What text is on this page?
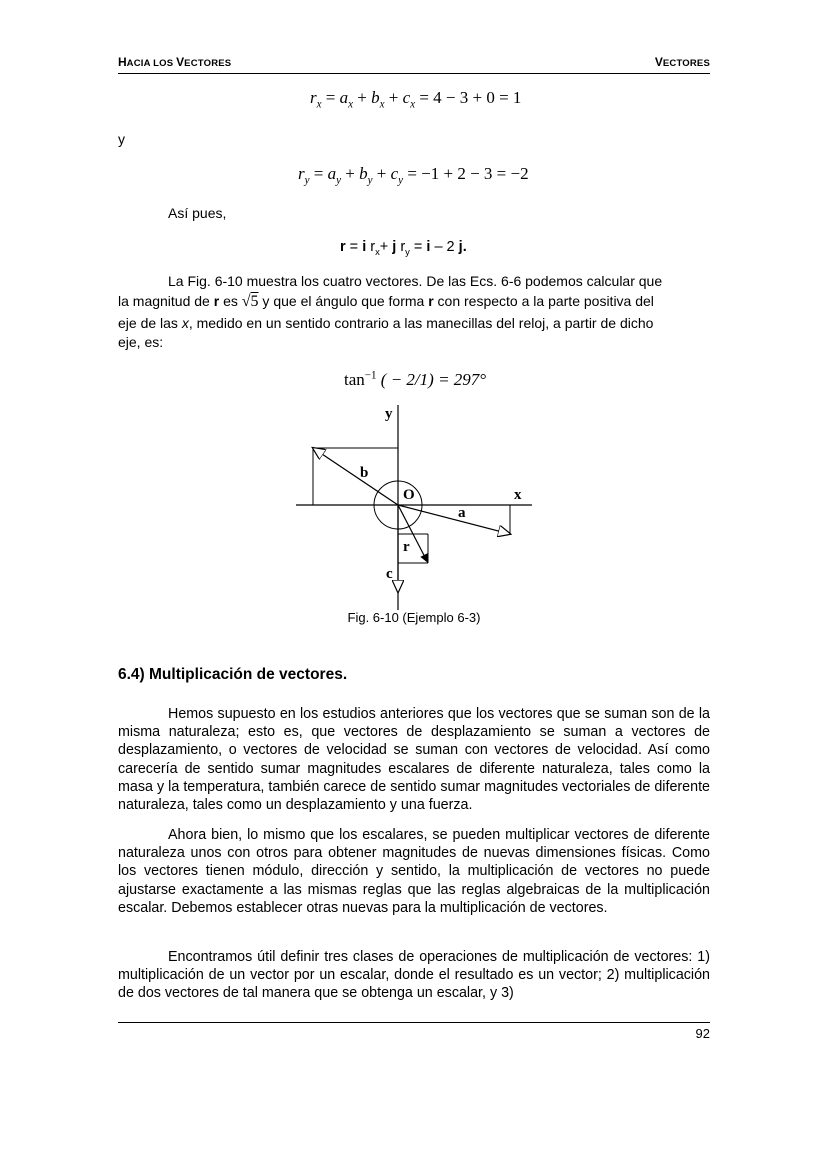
HACIA LOS VECTORES	VECTORES
$r_x = a_x + b_x + c_x = 4 - 3 + 0 = 1$
y
$r_y = a_y + b_y + c_y = -1 + 2 - 3 = -2$
Así pues,
r = i $r_x+ j$ $r_y = i - 2$ j.
La Fig. 6-10 muestra los cuatro vectores. De las Ecs. 6-6 podemos calcular que
la magnitud de r es √5 y que el ángulo que forma r con respecto a la parte positiva del
eje de las x, medido en un sentido contrario a las manecillas del reloj, a partir de dicho
eje, es:
$\tan^{-1}$ ( − 2/1) = 297°
y
x
O
a
b
c
r
Fig. 6-10 (Ejemplo 6-3)
6.4) Multiplicación de vectores.
Hemos supuesto en los estudios anteriores que los vectores que se suman son de la misma naturaleza; esto es, que vectores de desplazamiento se suman a vectores de desplazamiento, o vectores de velocidad se suman con vectores de velocidad. Así como carecería de sentido sumar magnitudes escalares de diferente naturaleza, tales como la masa y la temperatura, también carece de sentido sumar magnitudes vectoriales de diferente naturaleza, tales como un desplazamiento y una fuerza.
Ahora bien, lo mismo que los escalares, se pueden multiplicar vectores de diferente naturaleza unos con otros para obtener magnitudes de nuevas dimensiones físicas. Como los vectores tienen módulo, dirección y sentido, la multiplicación de vectores no puede ajustarse exactamente a las mismas reglas que las reglas algebraicas de la multiplicación escalar. Debemos establecer otras nuevas para la multiplicación de vectores.
Encontramos útil definir tres clases de operaciones de multiplicación de vectores: 1) multiplicación de un vector por un escalar, donde el resultado es un vector; 2) multiplicación de dos vectores de tal manera que se obtenga un escalar, y 3)
92
